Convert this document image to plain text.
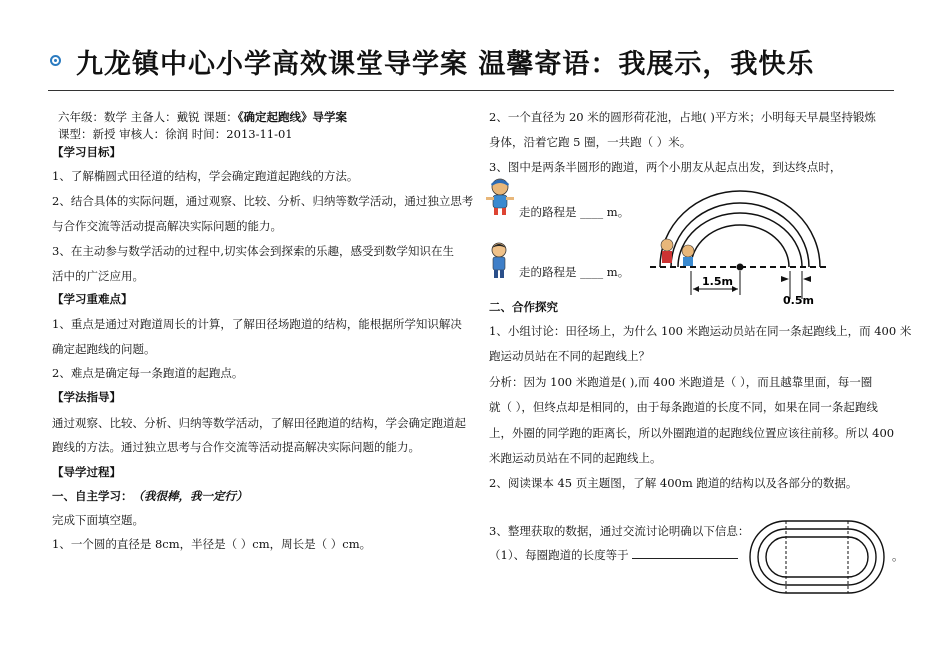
九龙镇中心小学高效课堂导学案 温馨寄语：我展示，我快乐
六年级：数学 主备人：戴锐 课题：《确定起跑线》导学案
课型：新授 审核人：徐润 时间：2013-11-01
【学习目标】
1、了解椭圆式田径道的结构，学会确定跑道起跑线的方法。
2、结合具体的实际问题，通过观察、比较、分析、归纳等数学活动，通过独立思考
与合作交流等活动提高解决实际问题的能力。
3、在主动参与数学活动的过程中,切实体会到探索的乐趣，感受到数学知识在生
活中的广泛应用。
【学习重难点】
1、重点是通过对跑道周长的计算，了解田径场跑道的结构，能根据所学知识解决
确定起跑线的问题。
2、难点是确定每一条跑道的起跑点。
【学法指导】
通过观察、比较、分析、归纳等数学活动，了解田径跑道的结构，学会确定跑道起
跑线的方法。通过独立思考与合作交流等活动提高解决实际问题的能力。
【导学过程】
一、自主学习：（我很棒，我一定行）
完成下面填空题。
1、一个圆的直径是 8cm，半径是（ ）cm，周长是（ ）cm。
2、一个直径为 20 米的圆形荷花池，占地( )平方米；小明每天早晨坚持锻炼
身体，沿着它跑 5 圈，一共跑（ ）米。
3、图中是两条半圆形的跑道，两个小朋友从起点出发，到达终点时，
走的路程是 ____ m。
走的路程是 ____ m。
1.5m
0.5m
二、合作探究
1、小组讨论：田径场上，为什么 100 米跑运动员站在同一条起跑线上，而 400 米
跑运动员站在不同的起跑线上？
分析：因为 100 米跑道是( ),而 400 米跑道是（ ），而且越靠里面，每一圈
就（ ），但终点却是相同的，由于每条跑道的长度不同，如果在同一条起跑线
上，外圈的同学跑的距离长，所以外圈跑道的起跑线位置应该往前移。所以 400
米跑运动员站在不同的起跑线上。
2、阅读课本 45 页主题图，了解 400m 跑道的结构以及各部分的数据。
3、整理获取的数据，通过交流讨论明确以下信息：
（1）、每圈跑道的长度等于	。
